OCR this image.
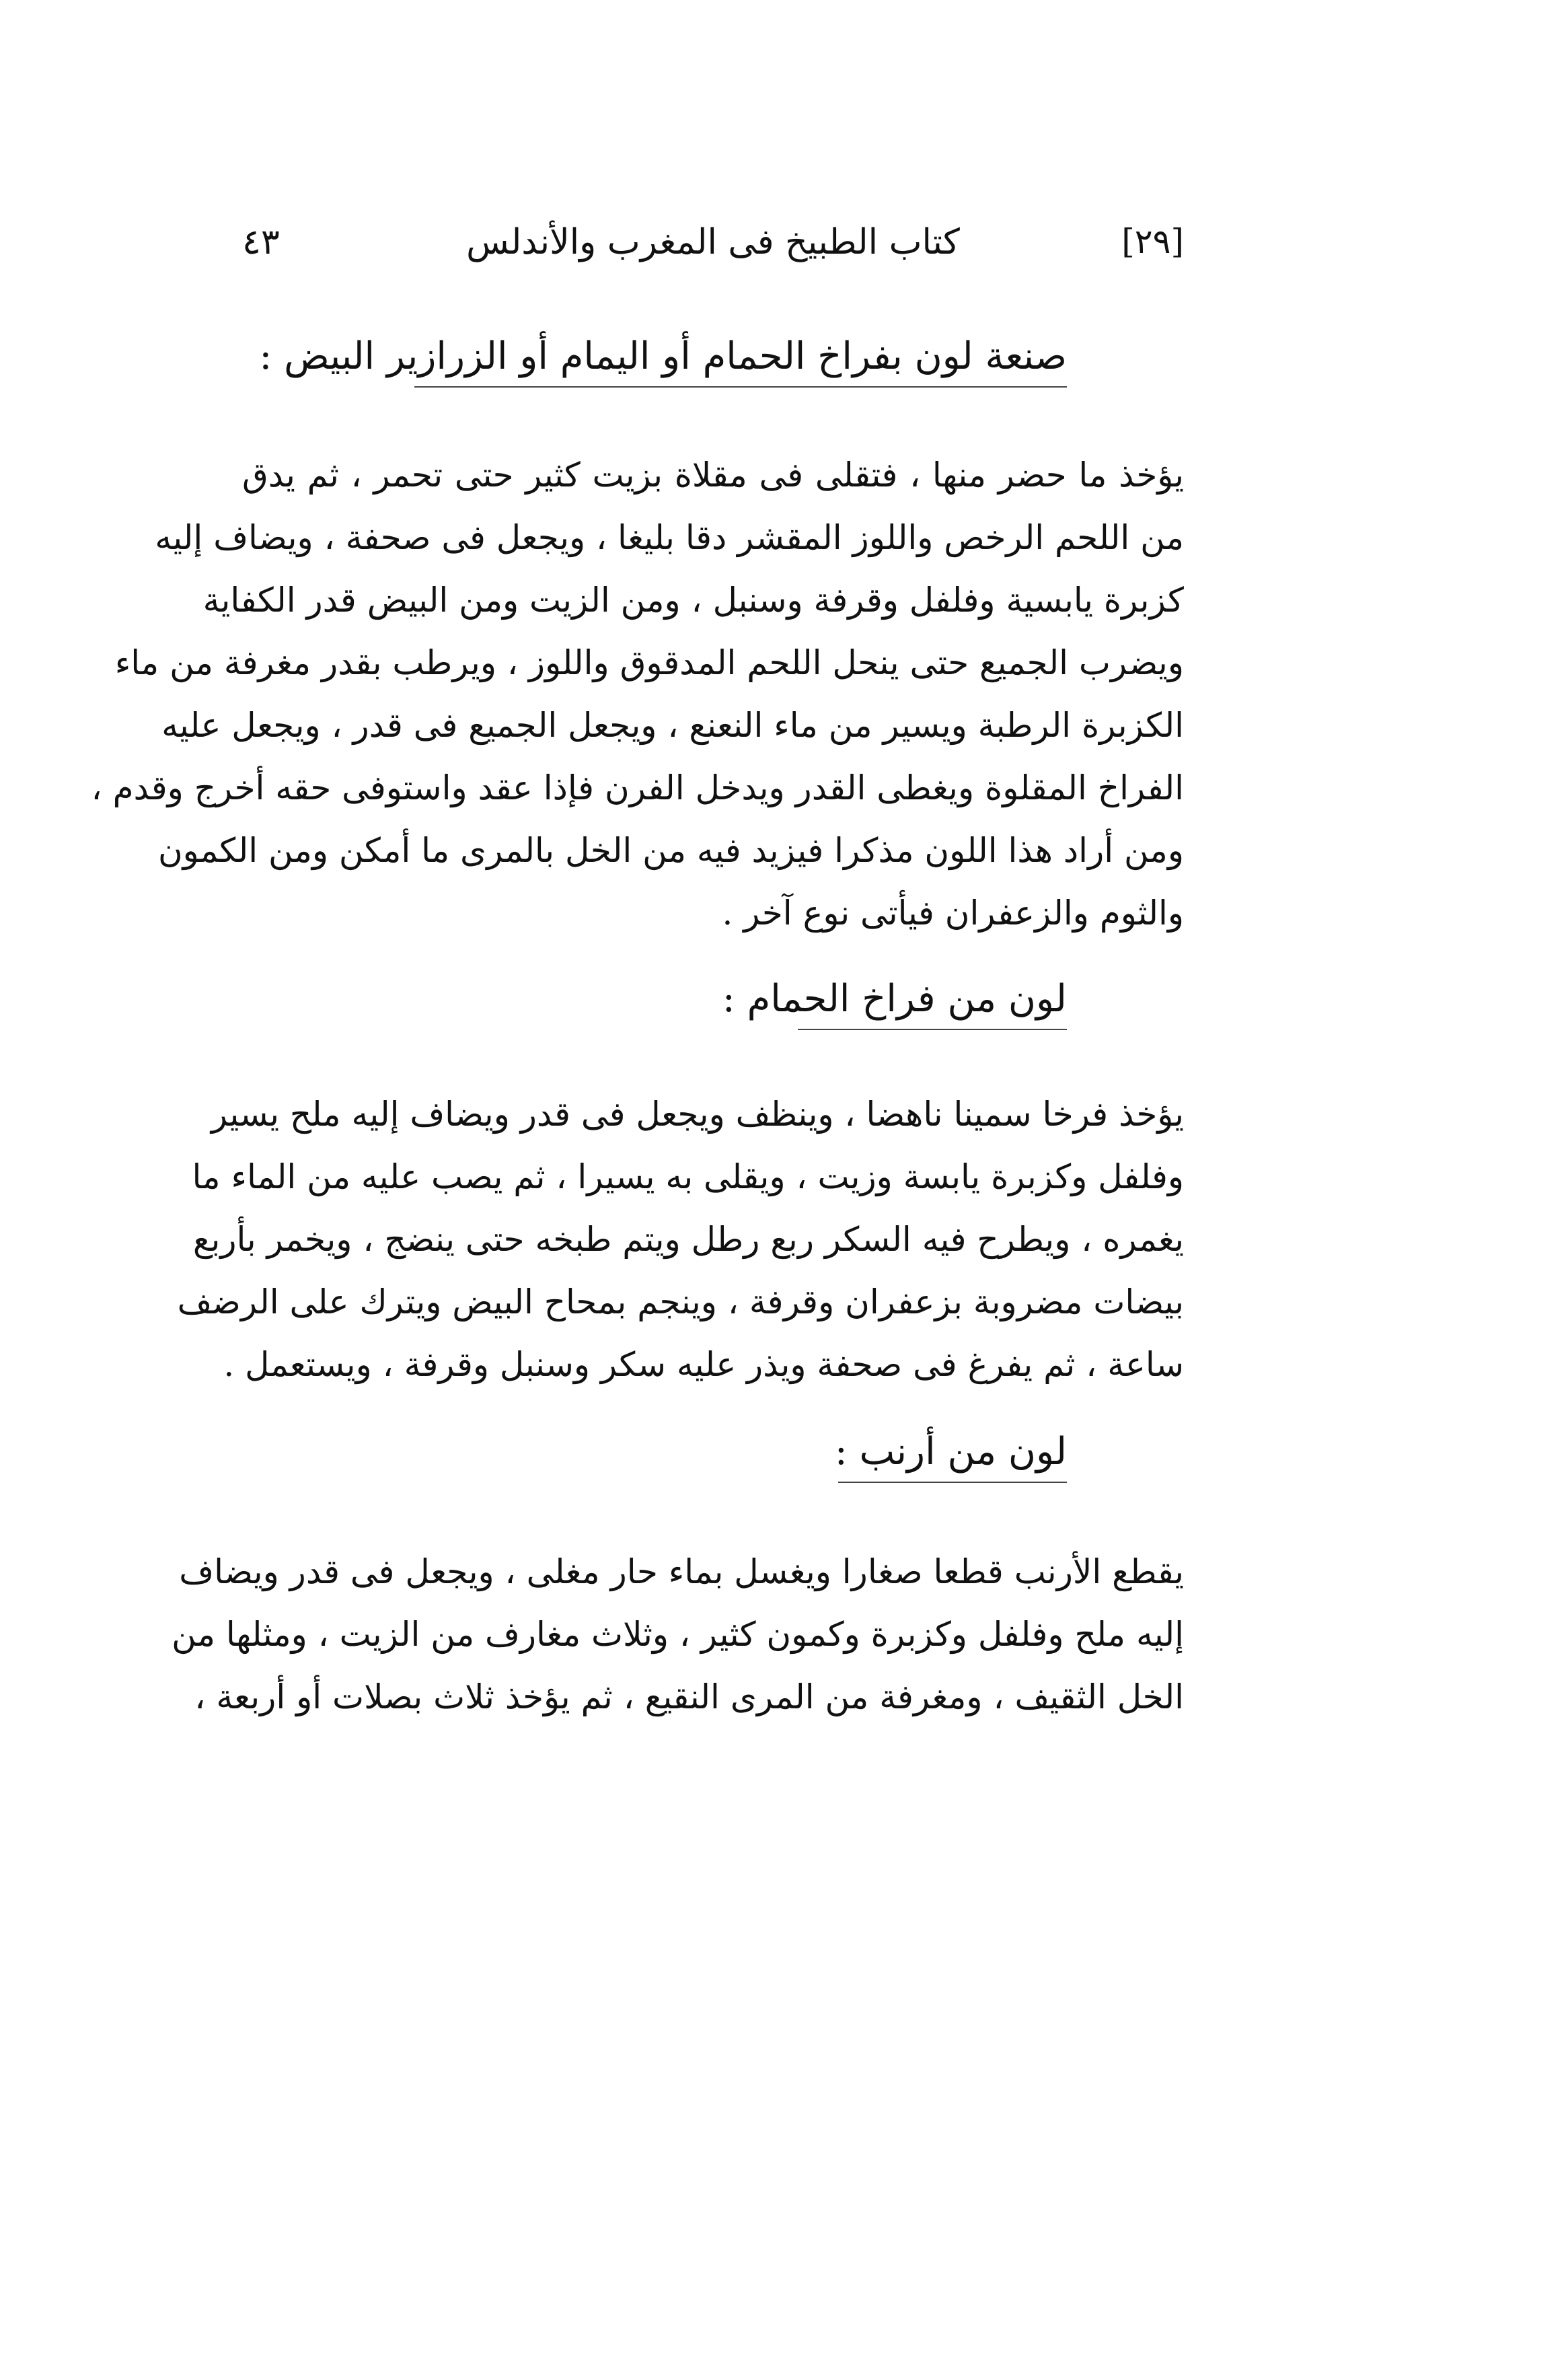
[٢٩]
كتاب الطبيخ فى المغرب والأندلس
٤٣
صنعة لون بفراخ الحمام أو اليمام أو الزرازير البيض :
يؤخذ ما حضر منها ، فتقلى فى مقلاة بزيت كثير حتى تحمر ، ثم يدق
من اللحم الرخص واللوز المقشر دقا بليغا ، ويجعل فى صحفة ، ويضاف إليه
كزبرة يابسية وفلفل وقرفة وسنبل ، ومن الزيت ومن البيض قدر الكفاية
ويضرب الجميع حتى ينحل اللحم المدقوق واللوز ، ويرطب بقدر مغرفة من ماء
الكزبرة الرطبة ويسير من ماء النعنع ، ويجعل الجميع فى قدر ، ويجعل عليه
الفراخ المقلوة ويغطى القدر ويدخل الفرن فإذا عقد واستوفى حقه أخرج وقدم ،
ومن أراد هذا اللون مذكرا فيزيد فيه من الخل بالمرى ما أمكن ومن الكمون
والثوم والزعفران فيأتى نوع آخر .
لون من فراخ الحمام :
يؤخذ فرخا سمينا ناهضا ، وينظف ويجعل فى قدر ويضاف إليه ملح يسير
وفلفل وكزبرة يابسة وزيت ، ويقلى به يسيرا ، ثم يصب عليه من الماء ما
يغمره ، ويطرح فيه السكر ربع رطل ويتم طبخه حتى ينضج ، ويخمر بأربع
بيضات مضروبة بزعفران وقرفة ، وينجم بمحاح البيض ويترك على الرضف
ساعة ، ثم يفرغ فى صحفة ويذر عليه سكر وسنبل وقرفة ، ويستعمل .
لون من أرنب :
يقطع الأرنب قطعا صغارا ويغسل بماء حار مغلى ، ويجعل فى قدر ويضاف
إليه ملح وفلفل وكزبرة وكمون كثير ، وثلاث مغارف من الزيت ، ومثلها من
الخل الثقيف ، ومغرفة من المرى النقيع ، ثم يؤخذ ثلاث بصلات أو أربعة ،
